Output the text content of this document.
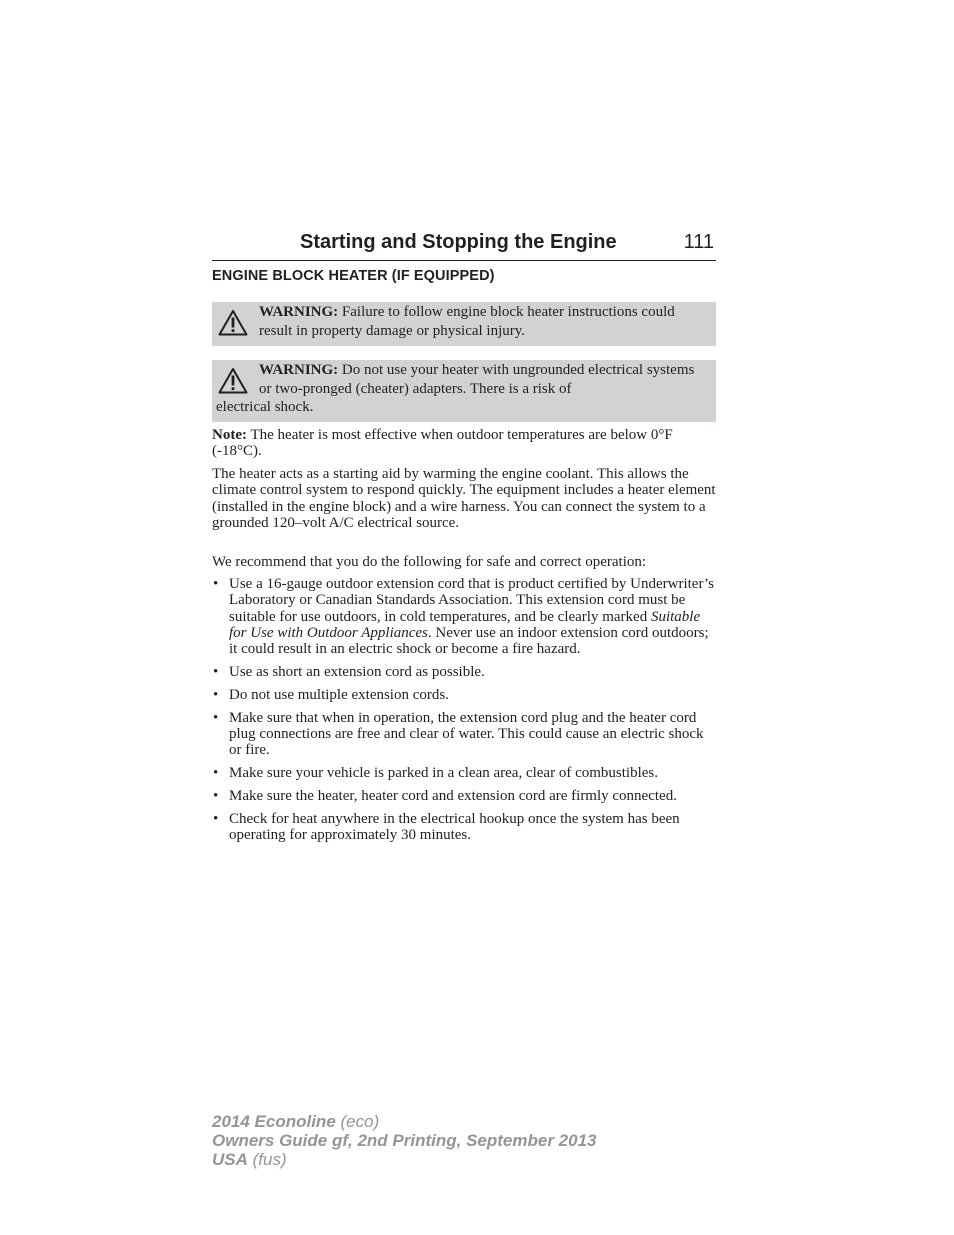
Starting and Stopping the Engine	111
ENGINE BLOCK HEATER (IF EQUIPPED)
WARNING: Failure to follow engine block heater instructions could result in property damage or physical injury.
WARNING: Do not use your heater with ungrounded electrical systems or two-pronged (cheater) adapters. There is a risk of
electrical shock.
Note: The heater is most effective when outdoor temperatures are below 0°F (-18°C).
The heater acts as a starting aid by warming the engine coolant. This allows the climate control system to respond quickly. The equipment includes a heater element (installed in the engine block) and a wire harness. You can connect the system to a grounded 120–volt A/C electrical source.
We recommend that you do the following for safe and correct operation:
• Use a 16-gauge outdoor extension cord that is product certified by Underwriter’s Laboratory or Canadian Standards Association. This extension cord must be suitable for use outdoors, in cold temperatures, and be clearly marked Suitable for Use with Outdoor Appliances. Never use an indoor extension cord outdoors; it could result in an electric shock or become a fire hazard.
• Use as short an extension cord as possible.
• Do not use multiple extension cords.
• Make sure that when in operation, the extension cord plug and the heater cord plug connections are free and clear of water. This could cause an electric shock or fire.
• Make sure your vehicle is parked in a clean area, clear of combustibles.
• Make sure the heater, heater cord and extension cord are firmly connected.
• Check for heat anywhere in the electrical hookup once the system has been operating for approximately 30 minutes.
2014 Econoline (eco)
Owners Guide gf, 2nd Printing, September 2013
USA (fus)
